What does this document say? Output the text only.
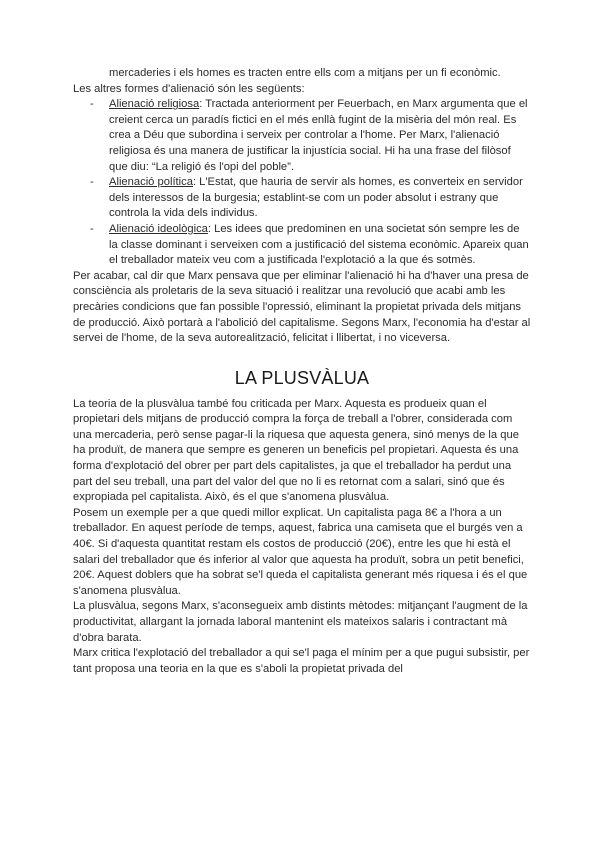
mercaderies i els homes es tracten entre ells com a mitjans per un fi econòmic.

Les altres formes d'alienació són les següents:

- Alienació religiosa: Tractada anteriorment per Feuerbach, en Marx argumenta que el creient cerca un paradís fictici en el més enllà fugint de la misèria del món real. Es crea a Déu que subordina i serveix per controlar a l'home. Per Marx, l'alienació religiosa és una manera de justificar la injustícia social. Hi ha una frase del filòsof que diu: “La religió és l'opi del poble”.
- Alienació política: L'Estat, que hauria de servir als homes, es converteix en servidor dels interessos de la burgesia; establint-se com un poder absolut i estrany que controla la vida dels individus.
- Alienació ideològica: Les idees que predominen en una societat són sempre les de la classe dominant i serveixen com a justificació del sistema econòmic. Apareix quan el treballador mateix veu com a justificada l'explotació a la que és sotmès.

Per acabar, cal dir que Marx pensava que per eliminar l'alienació hi ha d'haver una presa de consciència als proletaris de la seva situació i realitzar una revolució que acabi amb les precàries condicions que fan possible l'opressió, eliminant la propietat privada dels mitjans de producció. Això portarà a l'abolició del capitalisme. Segons Marx, l'economia ha d'estar al servei de l'home, de la seva autorealització, felicitat i llibertat, i no viceversa.

LA PLUSVÀLUA

La teoria de la plusvàlua també fou criticada per Marx. Aquesta es produeix quan el propietari dels mitjans de producció compra la força de treball a l'obrer, considerada com una mercaderia, però sense pagar-li la riquesa que aquesta genera, sinó menys de la que ha produït, de manera que sempre es generen un beneficis pel propietari. Aquesta és una forma d'explotació del obrer per part dels capitalistes, ja que el treballador ha perdut una part del seu treball, una part del valor del que no li es retornat com a salari, sinó que és expropiada pel capitalista. Això, és el que s'anomena plusvàlua.

Posem un exemple per a que quedi millor explicat. Un capitalista paga 8€ a l'hora a un treballador. En aquest període de temps, aquest, fabrica una camiseta que el burgés ven a 40€. Si d'aquesta quantitat restam els costos de producció (20€), entre les que hi està el salari del treballador que és inferior al valor que aquesta ha produït, sobra un petit benefici, 20€. Aquest doblers que ha sobrat se'l queda el capitalista generant més riquesa i és el que s'anomena plusvàlua.

La plusvàlua, segons Marx, s'aconsegueix amb distints mètodes: mitjançant l'augment de la productivitat, allargant la jornada laboral mantenint els mateixos salaris i contractant mà d'obra barata.

Marx critica l'explotació del treballador a qui se'l paga el mínim per a que pugui subsistir, per tant proposa una teoria en la que es s'aboli la propietat privada del
